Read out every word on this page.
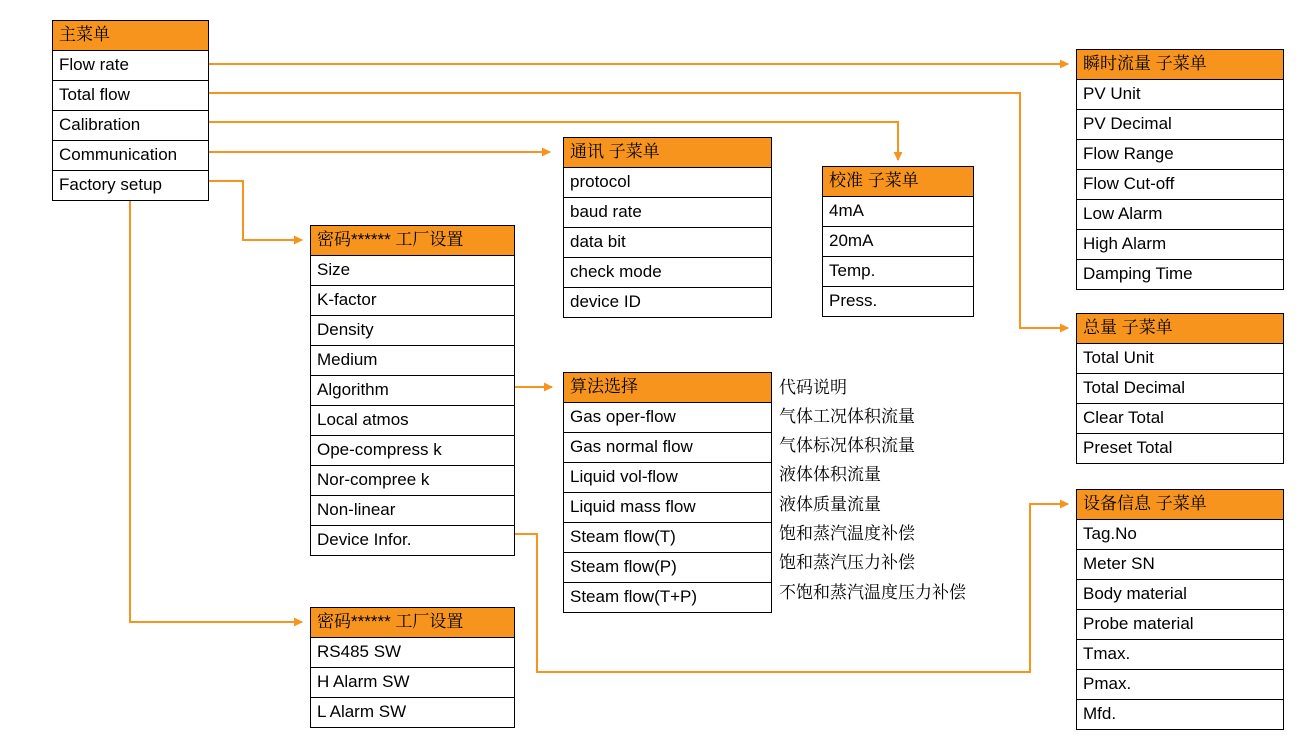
主菜单
Flow rate
Total flow
Calibration
Communication
Factory setup
瞬时流量 子菜单
PV Unit
PV Decimal
Flow Range
Flow Cut-off
Low Alarm
High Alarm
Damping Time
总量 子菜单
Total Unit
Total Decimal
Clear Total
Preset Total
设备信息 子菜单
Tag.No
Meter SN
Body material
Probe material
Tmax.
Pmax.
Mfd.
通讯 子菜单
protocol
baud rate
data bit
check mode
device ID
校准 子菜单
4mA
20mA
Temp.
Press.
密码****** 工厂设置
Size
K-factor
Density
Medium
Algorithm
Local atmos
Ope-compress k
Nor-compree k
Non-linear
Device Infor.
密码****** 工厂设置
RS485 SW
H Alarm SW
L Alarm SW
算法选择
Gas oper-flow
Gas normal flow
Liquid vol-flow
Liquid mass flow
Steam flow(T)
Steam flow(P)
Steam flow(T+P)
代码说明
气体工况体积流量
气体标况体积流量
液体体积流量
液体质量流量
饱和蒸汽温度补偿
饱和蒸汽压力补偿
不饱和蒸汽温度压力补偿
